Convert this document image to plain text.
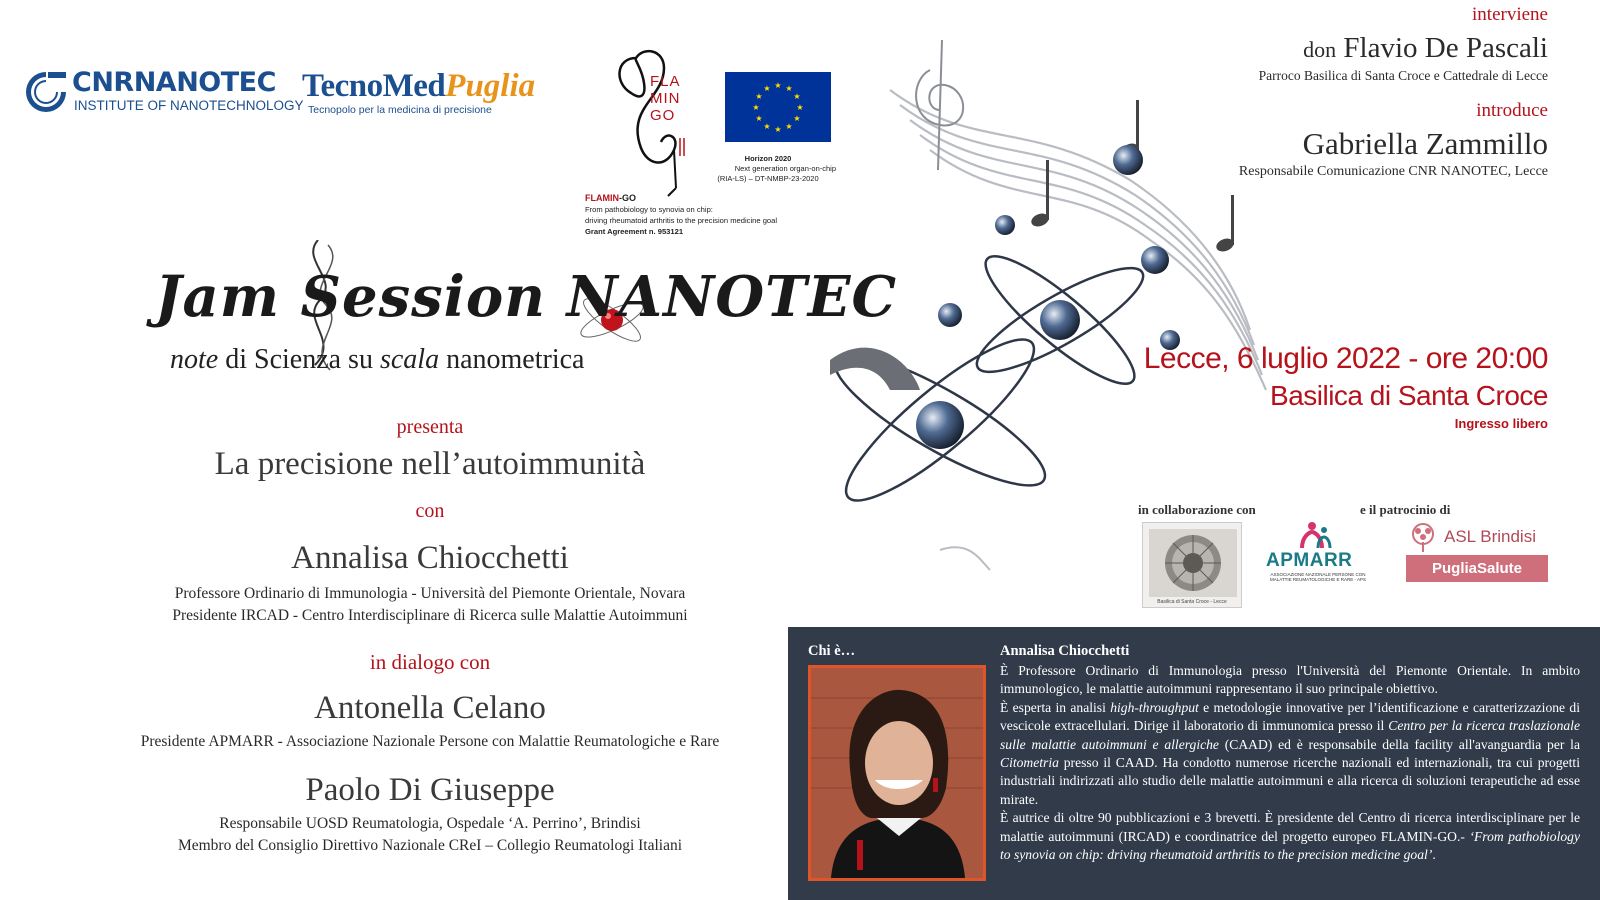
CNRNANOTEC
INSTITUTE OF NANOTECHNOLOGY
TecnoMedPuglia
Tecnopolo per la medicina di precisione
FLA
MIN
GO
★ ★
★
★
★
★
★
★
★
★
★
★
Horizon 2020
Next generation organ-on-chip
(RIA-LS) – DT-NMBP-23-2020
FLAMIN-GO
From pathobiology to synovia on chip:
driving rheumatoid arthritis to the precision medicine goal
Grant Agreement n. 953121
Jam Session NANOTEC
note di Scienza su scala nanometrica
presenta
La precisione nell’autoimmunità
con
Annalisa Chiocchetti
Professore Ordinario di Immunologia - Università del Piemonte Orientale, Novara
Presidente IRCAD - Centro Interdisciplinare di Ricerca sulle Malattie Autoimmuni
in dialogo con
Antonella Celano
Presidente APMARR - Associazione Nazionale Persone con Malattie Reumatologiche e Rare
Paolo Di Giuseppe
Responsabile UOSD Reumatologia, Ospedale ‘A. Perrino’, Brindisi
Membro del Consiglio Direttivo Nazionale CReI – Collegio Reumatologi Italiani
interviene
don Flavio De Pascali
Parroco Basilica di Santa Croce e Cattedrale di Lecce
introduce
Gabriella Zammillo
Responsabile Comunicazione CNR NANOTEC, Lecce
Lecce, 6 luglio 2022 - ore 20:00
Basilica di Santa Croce
Ingresso libero
in collaborazione con	e il patrocinio di
Basilica di Santa Croce - Lecce
APMARR
ASSOCIAZIONE NAZIONALE PERSONE CON MALATTIE REUMATOLOGICHE E RARE - APS
ASL Brindisi
PugliaSalute
Chi è…	Annalisa Chiocchetti

È Professore Ordinario di Immunologia presso l'Università del Piemonte Orientale. In ambito immunologico, le malattie autoimmuni rappresentano il suo principale obiettivo.

È esperta in analisi high-throughput e metodologie innovative per l’identificazione e caratterizzazione di vescicole extracellulari. Dirige il laboratorio di immunomica presso il Centro per la ricerca traslazionale sulle malattie autoimmuni e allergiche (CAAD) ed è responsabile della facility all'avanguardia per la Citometria presso il CAAD. Ha condotto numerose ricerche nazionali ed internazionali, tra cui progetti industriali indirizzati allo studio delle malattie autoimmuni e alla ricerca di soluzioni terapeutiche ad esse mirate.

È autrice di oltre 90 pubblicazioni e 3 brevetti. È presidente del Centro di ricerca interdisciplinare per le malattie autoimmuni (IRCAD) e coordinatrice del progetto europeo FLAMIN-GO.- ‘From pathobiology to synovia on chip: driving rheumatoid arthritis to the precision medicine goal’.
